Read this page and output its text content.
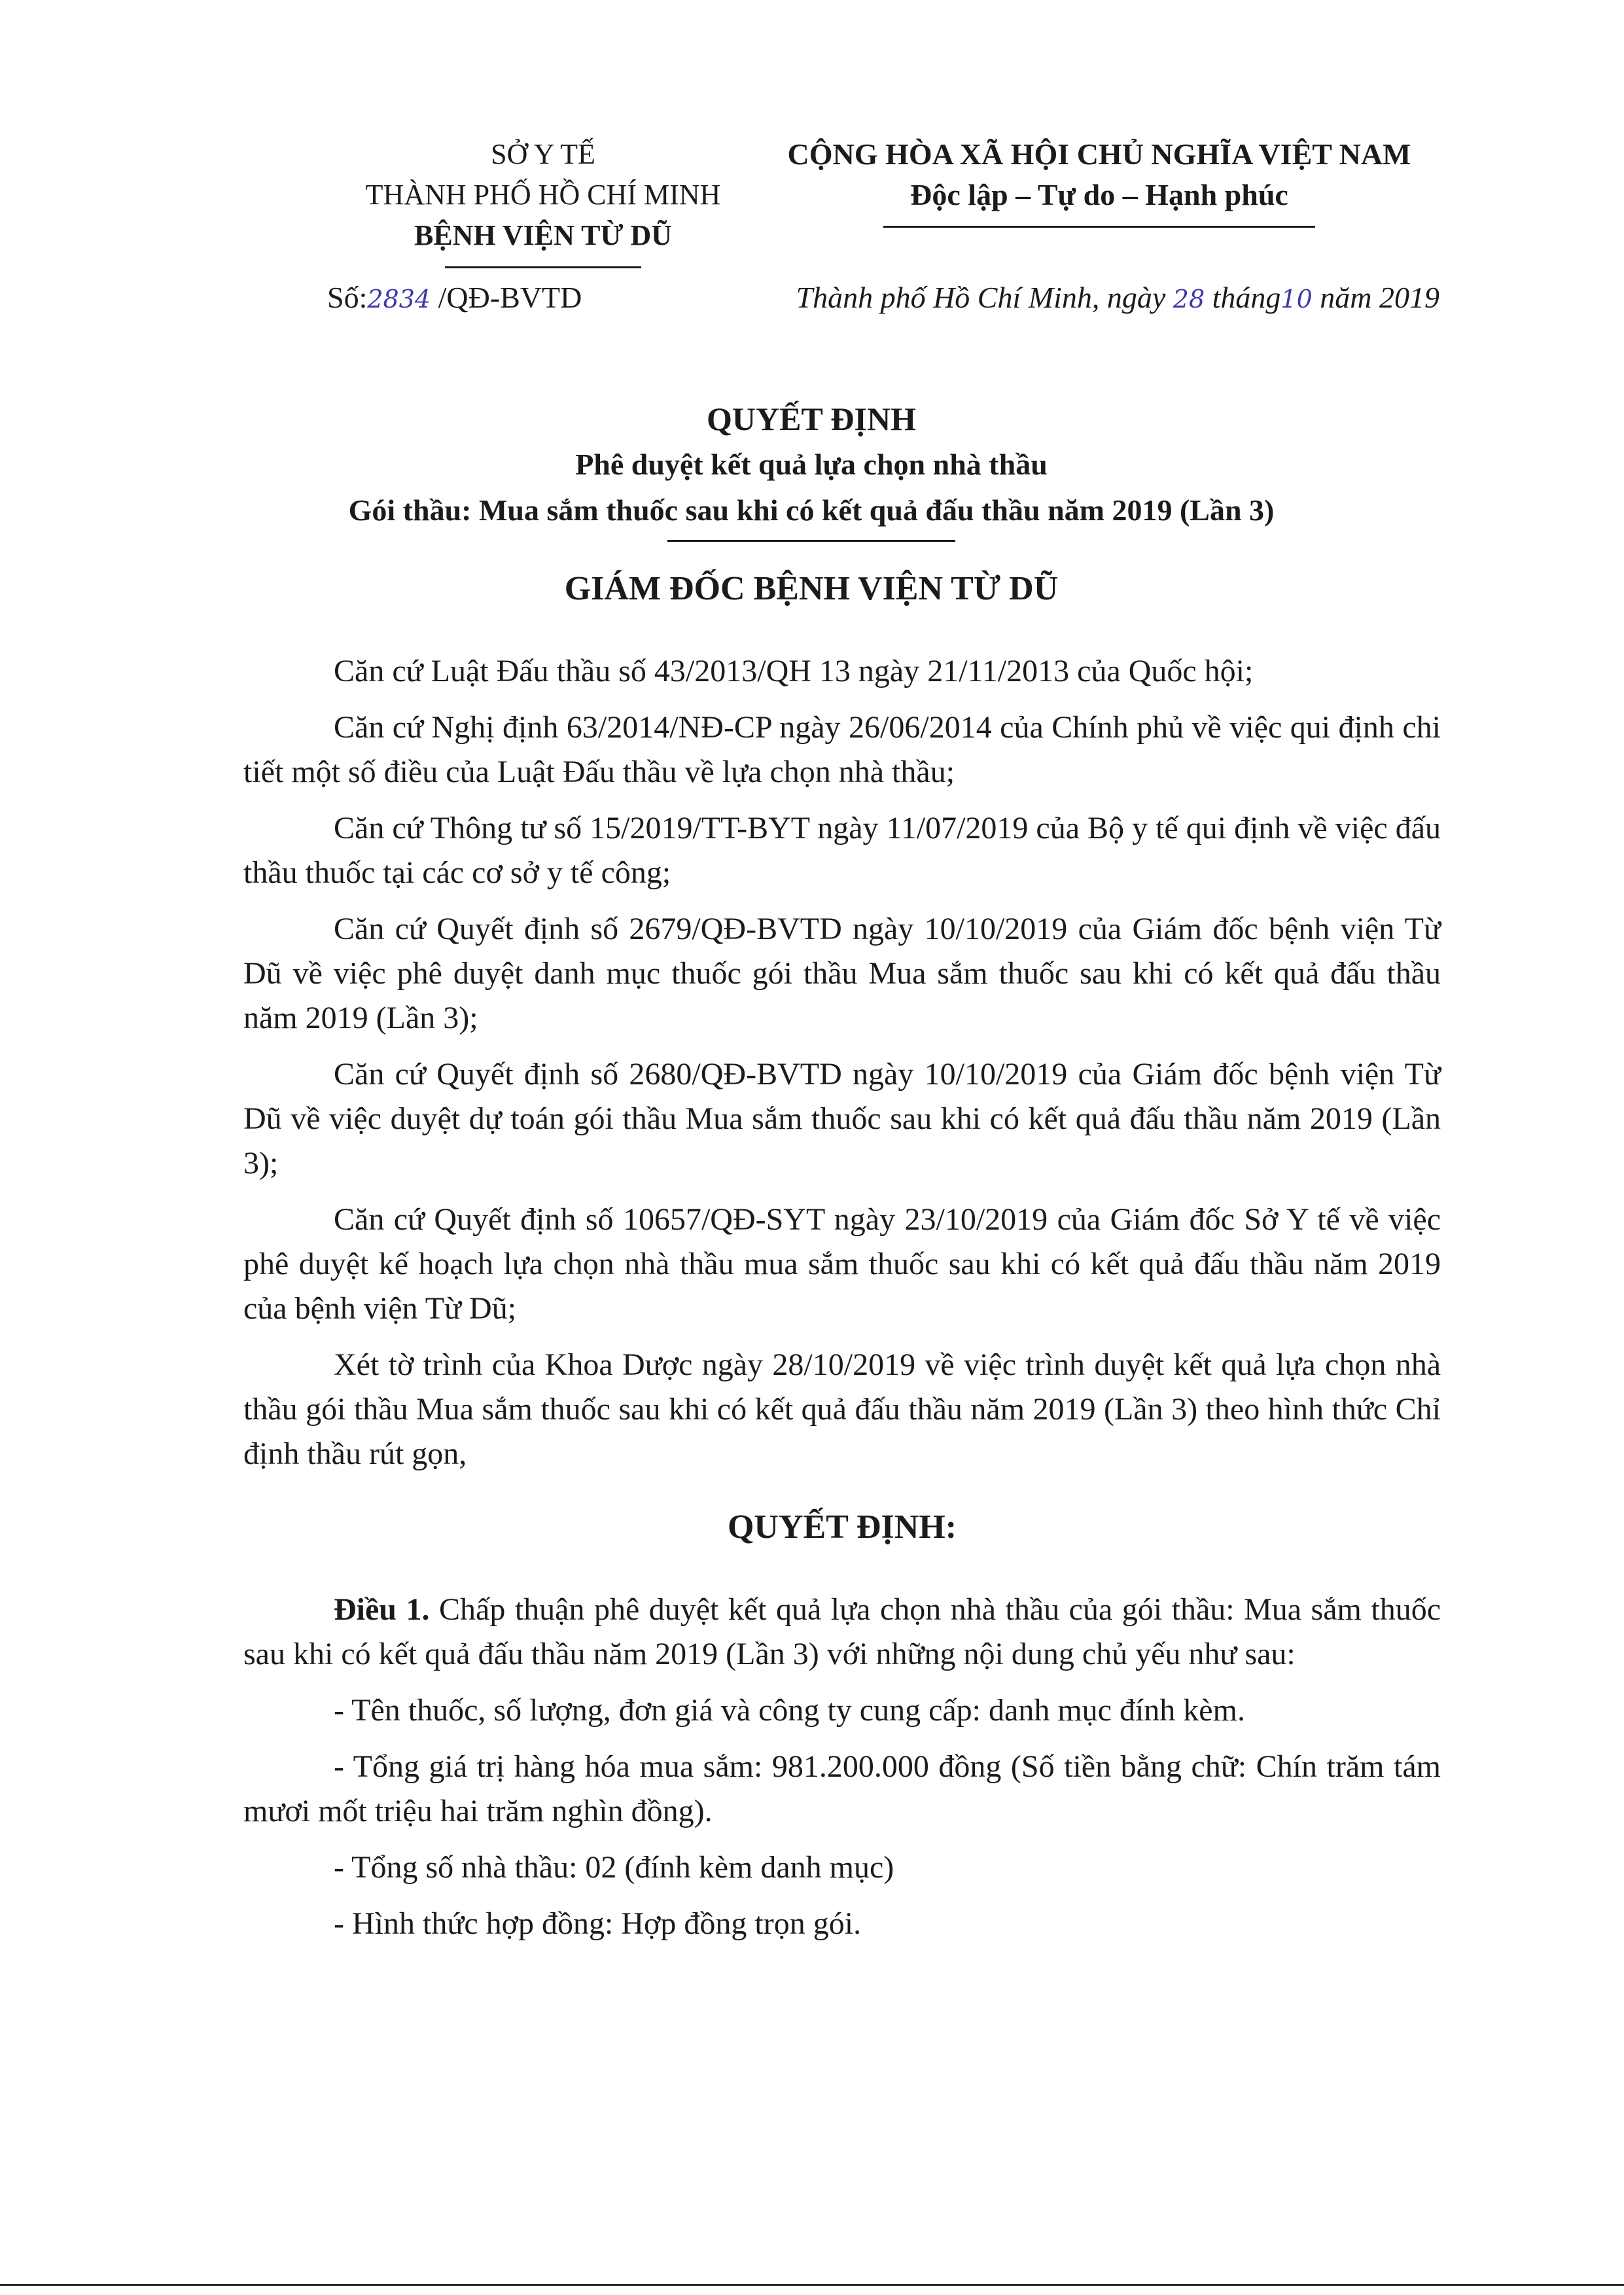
SỞ Y TẾ
THÀNH PHỐ HỒ CHÍ MINH
BỆNH VIỆN TỪ DŨ
CỘNG HÒA XÃ HỘI CHỦ NGHĨA VIỆT NAM
Độc lập – Tự do – Hạnh phúc
Số:2834 /QĐ-BVTD	Thành phố Hồ Chí Minh, ngày 28 tháng10 năm 2019
QUYẾT ĐỊNH
Phê duyệt kết quả lựa chọn nhà thầu
Gói thầu: Mua sắm thuốc sau khi có kết quả đấu thầu năm 2019 (Lần 3)
GIÁM ĐỐC BỆNH VIỆN TỪ DŨ

Căn cứ Luật Đấu thầu số 43/2013/QH 13 ngày 21/11/2013 của Quốc hội;

Căn cứ Nghị định 63/2014/NĐ-CP ngày 26/06/2014 của Chính phủ về việc qui định chi tiết một số điều của Luật Đấu thầu về lựa chọn nhà thầu;

Căn cứ Thông tư số 15/2019/TT-BYT ngày 11/07/2019 của Bộ y tế qui định về việc đấu thầu thuốc tại các cơ sở y tế công;

Căn cứ Quyết định số 2679/QĐ-BVTD ngày 10/10/2019 của Giám đốc bệnh viện Từ Dũ về việc phê duyệt danh mục thuốc gói thầu Mua sắm thuốc sau khi có kết quả đấu thầu năm 2019 (Lần 3);

Căn cứ Quyết định số 2680/QĐ-BVTD ngày 10/10/2019 của Giám đốc bệnh viện Từ Dũ về việc duyệt dự toán gói thầu Mua sắm thuốc sau khi có kết quả đấu thầu năm 2019 (Lần 3);

Căn cứ Quyết định số 10657/QĐ-SYT ngày 23/10/2019 của Giám đốc Sở Y tế về việc phê duyệt kế hoạch lựa chọn nhà thầu mua sắm thuốc sau khi có kết quả đấu thầu năm 2019 của bệnh viện Từ Dũ;

Xét tờ trình của Khoa Dược ngày 28/10/2019 về việc trình duyệt kết quả lựa chọn nhà thầu gói thầu Mua sắm thuốc sau khi có kết quả đấu thầu năm 2019 (Lần 3) theo hình thức Chỉ định thầu rút gọn,

QUYẾT ĐỊNH:

Điều 1. Chấp thuận phê duyệt kết quả lựa chọn nhà thầu của gói thầu: Mua sắm thuốc sau khi có kết quả đấu thầu năm 2019 (Lần 3) với những nội dung chủ yếu như sau:

- Tên thuốc, số lượng, đơn giá và công ty cung cấp: danh mục đính kèm.

- Tổng giá trị hàng hóa mua sắm: 981.200.000 đồng (Số tiền bằng chữ: Chín trăm tám mươi mốt triệu hai trăm nghìn đồng).

- Tổng số nhà thầu: 02 (đính kèm danh mục)

- Hình thức hợp đồng: Hợp đồng trọn gói.
